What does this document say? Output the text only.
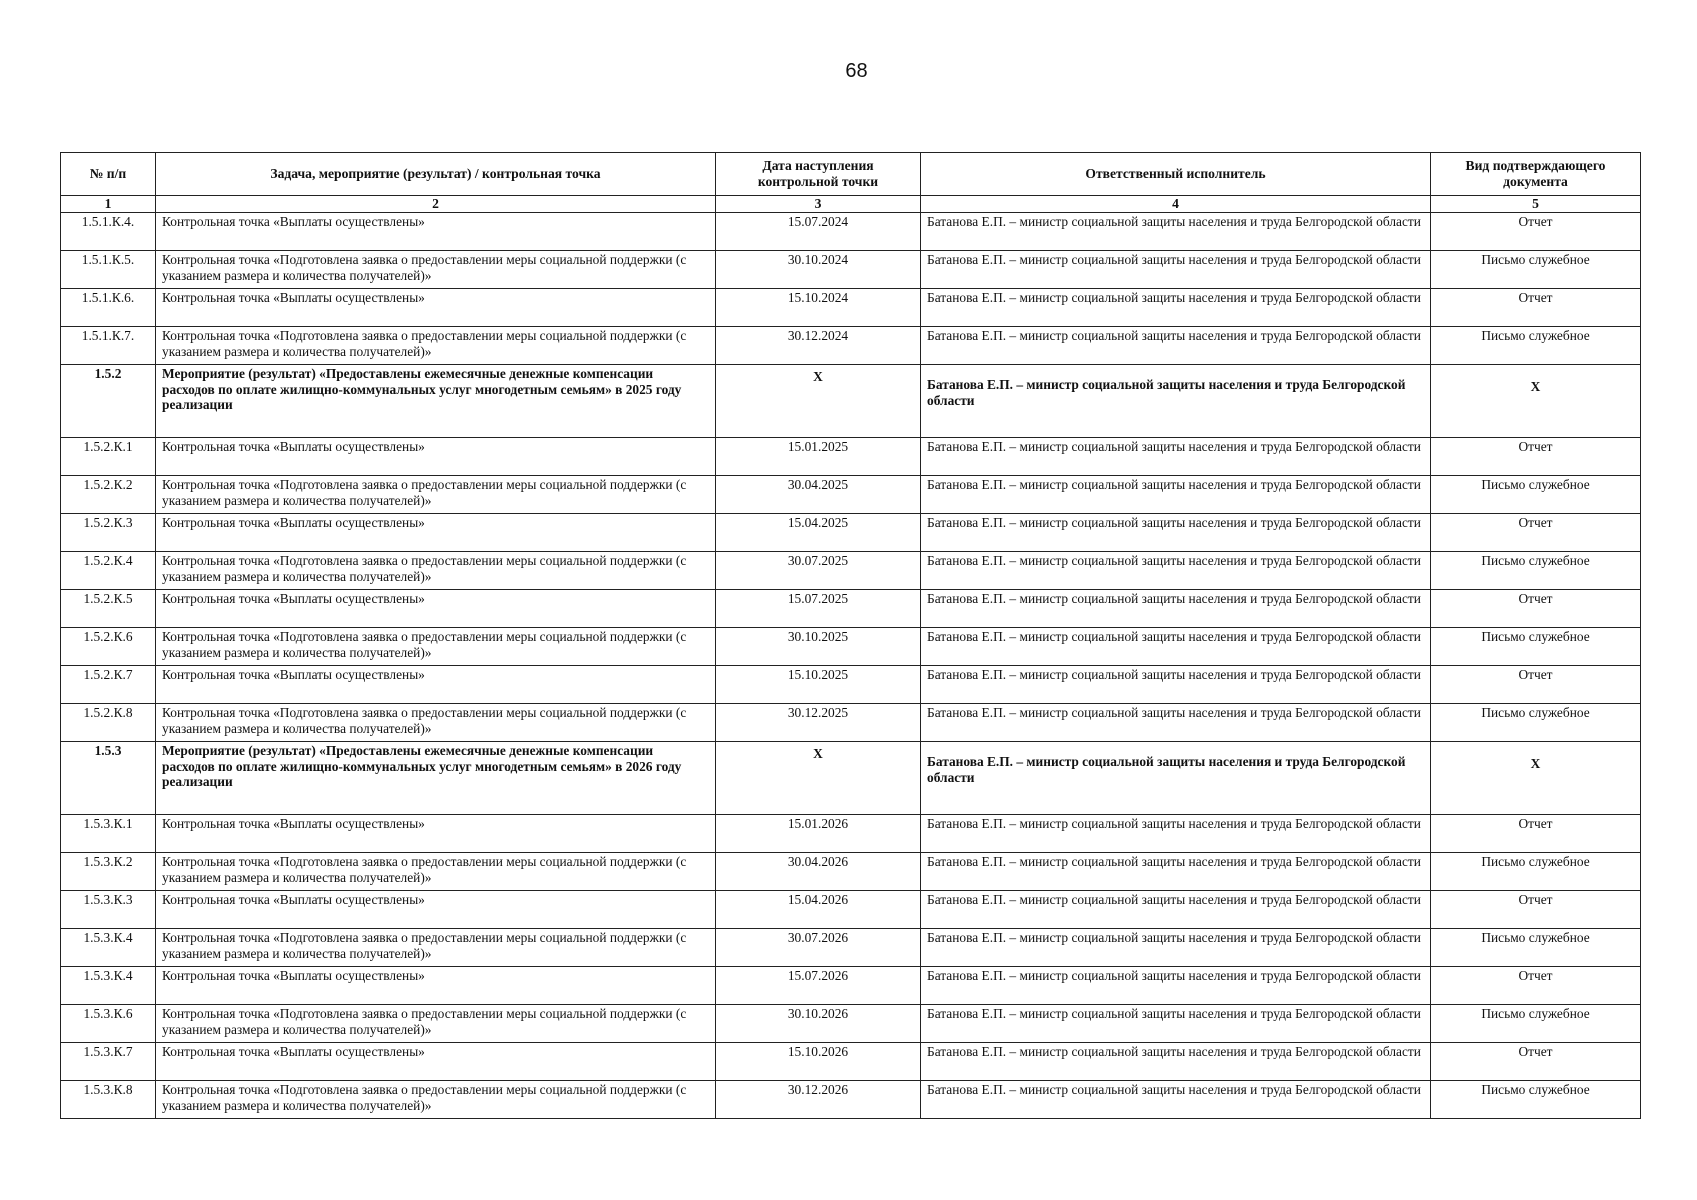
68
№ п/п	Задача, мероприятие (результат) / контрольная точка	Дата наступления контрольной точки	Ответственный исполнитель	Вид подтверждающего документа
1	2	3	4	5
1.5.1.К.4.	Контрольная точка «Выплаты осуществлены»	15.07.2024	Батанова Е.П. – министр социальной защиты населения и труда Белгородской области	Отчет
1.5.1.К.5.	Контрольная точка «Подготовлена заявка о предоставлении меры социальной поддержки (с указанием размера и количества получателей)»	30.10.2024	Батанова Е.П. – министр социальной защиты населения и труда Белгородской области	Письмо служебное
1.5.1.К.6.	Контрольная точка «Выплаты осуществлены»	15.10.2024	Батанова Е.П. – министр социальной защиты населения и труда Белгородской области	Отчет
1.5.1.К.7.	Контрольная точка «Подготовлена заявка о предоставлении меры социальной поддержки (с указанием размера и количества получателей)»	30.12.2024	Батанова Е.П. – министр социальной защиты населения и труда Белгородской области	Письмо служебное
1.5.2	Мероприятие (результат) «Предоставлены ежемесячные денежные компенсации расходов по оплате жилищно-коммунальных услуг многодетным семьям» в 2025 году реализации	X	Батанова Е.П. – министр социальной защиты населения и труда Белгородской области	X
1.5.2.К.1	Контрольная точка «Выплаты осуществлены»	15.01.2025	Батанова Е.П. – министр социальной защиты населения и труда Белгородской области	Отчет
1.5.2.К.2	Контрольная точка «Подготовлена заявка о предоставлении меры социальной поддержки (с указанием размера и количества получателей)»	30.04.2025	Батанова Е.П. – министр социальной защиты населения и труда Белгородской области	Письмо служебное
1.5.2.К.3	Контрольная точка «Выплаты осуществлены»	15.04.2025	Батанова Е.П. – министр социальной защиты населения и труда Белгородской области	Отчет
1.5.2.К.4	Контрольная точка «Подготовлена заявка о предоставлении меры социальной поддержки (с указанием размера и количества получателей)»	30.07.2025	Батанова Е.П. – министр социальной защиты населения и труда Белгородской области	Письмо служебное
1.5.2.К.5	Контрольная точка «Выплаты осуществлены»	15.07.2025	Батанова Е.П. – министр социальной защиты населения и труда Белгородской области	Отчет
1.5.2.К.6	Контрольная точка «Подготовлена заявка о предоставлении меры социальной поддержки (с указанием размера и количества получателей)»	30.10.2025	Батанова Е.П. – министр социальной защиты населения и труда Белгородской области	Письмо служебное
1.5.2.К.7	Контрольная точка «Выплаты осуществлены»	15.10.2025	Батанова Е.П. – министр социальной защиты населения и труда Белгородской области	Отчет
1.5.2.К.8	Контрольная точка «Подготовлена заявка о предоставлении меры социальной поддержки (с указанием размера и количества получателей)»	30.12.2025	Батанова Е.П. – министр социальной защиты населения и труда Белгородской области	Письмо служебное
1.5.3	Мероприятие (результат) «Предоставлены ежемесячные денежные компенсации расходов по оплате жилищно-коммунальных услуг многодетным семьям» в 2026 году реализации	X	Батанова Е.П. – министр социальной защиты населения и труда Белгородской области	X
1.5.3.К.1	Контрольная точка «Выплаты осуществлены»	15.01.2026	Батанова Е.П. – министр социальной защиты населения и труда Белгородской области	Отчет
1.5.3.К.2	Контрольная точка «Подготовлена заявка о предоставлении меры социальной поддержки (с указанием размера и количества получателей)»	30.04.2026	Батанова Е.П. – министр социальной защиты населения и труда Белгородской области	Письмо служебное
1.5.3.К.3	Контрольная точка «Выплаты осуществлены»	15.04.2026	Батанова Е.П. – министр социальной защиты населения и труда Белгородской области	Отчет
1.5.3.К.4	Контрольная точка «Подготовлена заявка о предоставлении меры социальной поддержки (с указанием размера и количества получателей)»	30.07.2026	Батанова Е.П. – министр социальной защиты населения и труда Белгородской области	Письмо служебное
1.5.3.К.4	Контрольная точка «Выплаты осуществлены»	15.07.2026	Батанова Е.П. – министр социальной защиты населения и труда Белгородской области	Отчет
1.5.3.К.6	Контрольная точка «Подготовлена заявка о предоставлении меры социальной поддержки (с указанием размера и количества получателей)»	30.10.2026	Батанова Е.П. – министр социальной защиты населения и труда Белгородской области	Письмо служебное
1.5.3.К.7	Контрольная точка «Выплаты осуществлены»	15.10.2026	Батанова Е.П. – министр социальной защиты населения и труда Белгородской области	Отчет
1.5.3.К.8	Контрольная точка «Подготовлена заявка о предоставлении меры социальной поддержки (с указанием размера и количества получателей)»	30.12.2026	Батанова Е.П. – министр социальной защиты населения и труда Белгородской области	Письмо служебное
